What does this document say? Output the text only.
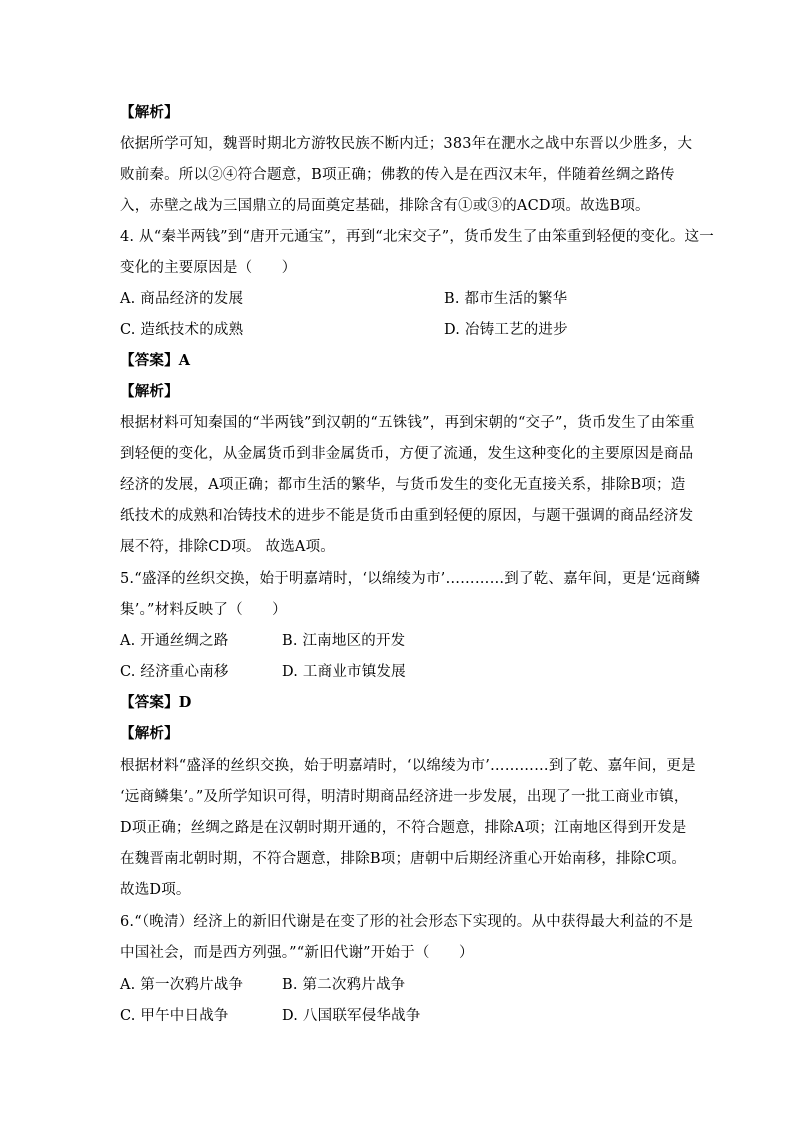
【解析】
依据所学可知，魏晋时期北方游牧民族不断内迁；383年在淝水之战中东晋以少胜多，大
败前秦。所以②④符合题意，B项正确；佛教的传入是在西汉末年，伴随着丝绸之路传
入，赤壁之战为三国鼎立的局面奠定基础，排除含有①或③的ACD项。故选B项。
4. 从“秦半两钱”到“唐开元通宝”，再到“北宋交子”，货币发生了由笨重到轻便的变化。这一
变化的主要原因是（　　）
A. 商品经济的发展	B. 都市生活的繁华
C. 造纸技术的成熟	D. 冶铸工艺的进步
【答案】A
【解析】
根据材料可知秦国的“半两钱”到汉朝的“五铢钱”，再到宋朝的“交子”，货币发生了由笨重
到轻便的变化，从金属货币到非金属货币，方便了流通，发生这种变化的主要原因是商品
经济的发展，A项正确；都市生活的繁华，与货币发生的变化无直接关系，排除B项；造
纸技术的成熟和冶铸技术的进步不能是货币由重到轻便的原因，与题干强调的商品经济发
展不符，排除CD项。 故选A项。
5.“盛泽的丝织交换，始于明嘉靖时，‘以绵绫为市’…………到了乾、嘉年间，更是‘远商鳞
集’。”材料反映了（　　）
A. 开通丝绸之路	B. 江南地区的开发
C. 经济重心南移	D. 工商业市镇发展
【答案】D
【解析】
根据材料“盛泽的丝织交换，始于明嘉靖时，‘以绵绫为市’…………到了乾、嘉年间，更是
‘远商鳞集’。”及所学知识可得，明清时期商品经济进一步发展，出现了一批工商业市镇，
D项正确；丝绸之路是在汉朝时期开通的，不符合题意，排除A项；江南地区得到开发是
在魏晋南北朝时期，不符合题意，排除B项；唐朝中后期经济重心开始南移，排除C项。
故选D项。
6.“（晚清）经济上的新旧代谢是在变了形的社会形态下实现的。从中获得最大利益的不是
中国社会，而是西方列强。”“新旧代谢”开始于（　　）
A. 第一次鸦片战争	B. 第二次鸦片战争
C. 甲午中日战争	D. 八国联军侵华战争
